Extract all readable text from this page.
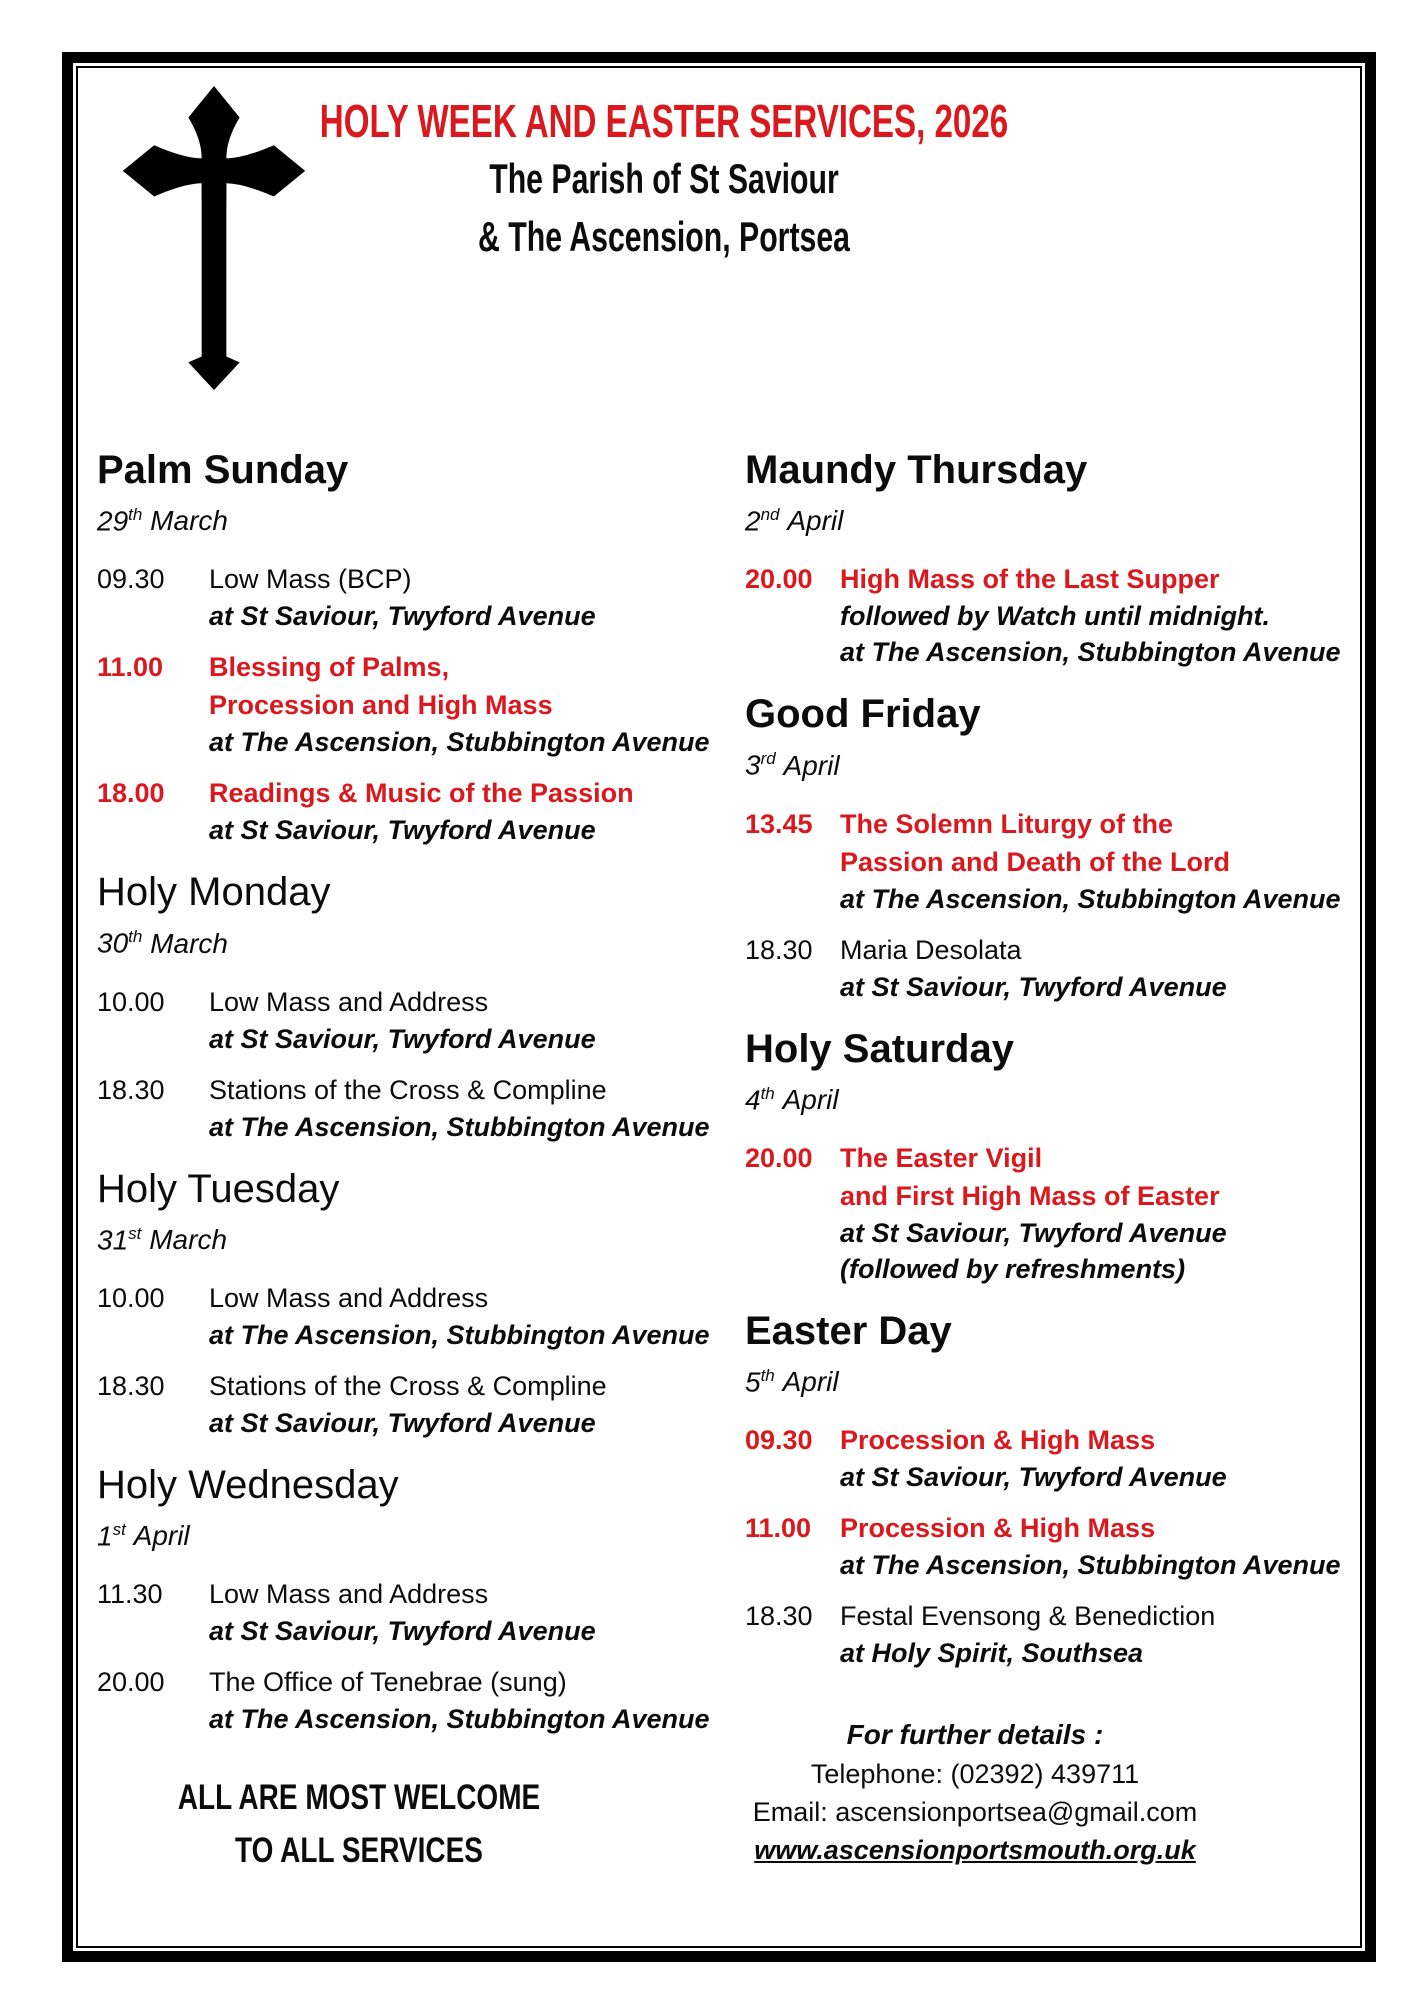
HOLY WEEK AND EASTER SERVICES, 2026
The Parish of St Saviour
& The Ascension, Portsea
Palm Sunday
29th March
09.30	Low Mass (BCP)
at St Saviour, Twyford Avenue
11.00	Blessing of Palms,
Procession and High Mass
at The Ascension, Stubbington Avenue
18.00	Readings & Music of the Passion
at St Saviour, Twyford Avenue
Holy Monday
30th March
10.00	Low Mass and Address
at St Saviour, Twyford Avenue
18.30	Stations of the Cross & Compline
at The Ascension, Stubbington Avenue
Holy Tuesday
31st March
10.00	Low Mass and Address
at The Ascension, Stubbington Avenue
18.30	Stations of the Cross & Compline
at St Saviour, Twyford Avenue
Holy Wednesday
1st April
11.30	Low Mass and Address
at St Saviour, Twyford Avenue
20.00	The Office of Tenebrae (sung)
at The Ascension, Stubbington Avenue
ALL ARE MOST WELCOME
TO ALL SERVICES
Maundy Thursday
2nd April
20.00	High Mass of the Last Supper
followed by Watch until midnight.
at The Ascension, Stubbington Avenue
Good Friday
3rd April
13.45	The Solemn Liturgy of the
Passion and Death of the Lord
at The Ascension, Stubbington Avenue
18.30	Maria Desolata
at St Saviour, Twyford Avenue
Holy Saturday
4th April
20.00	The Easter Vigil
and First High Mass of Easter
at St Saviour, Twyford Avenue
(followed by refreshments)
Easter Day
5th April
09.30	Procession & High Mass
at St Saviour, Twyford Avenue
11.00	Procession & High Mass
at The Ascension, Stubbington Avenue
18.30	Festal Evensong & Benediction
at Holy Spirit, Southsea
For further details :
Telephone: (02392) 439711
Email: ascensionportsea@gmail.com
www.ascensionportsmouth.org.uk
